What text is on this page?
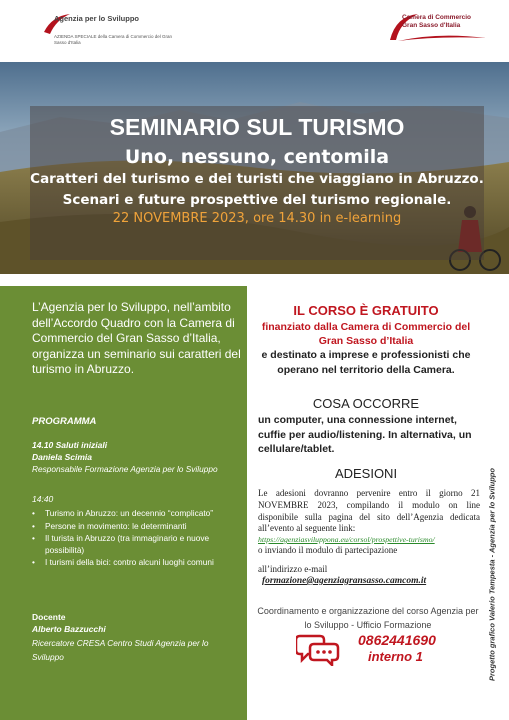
Agenzia per lo Sviluppo
AZIENDA SPECIALE della Camera di Commercio del Gran Sasso d'Italia
Camera di Commercio
Gran Sasso d'Italia
SEMINARIO SUL TURISMO
Uno, nessuno, centomila
Caratteri del turismo e dei turisti che viaggiano in Abruzzo.
Scenari e future prospettive del turismo regionale.
22 NOVEMBRE 2023, ore 14.30 in e-learning
L’Agenzia per lo Sviluppo, nell’ambito dell’Accordo Quadro con la Camera di Commercio del Gran Sasso d’Italia, organizza un seminario sui caratteri del turismo in Abruzzo.
PROGRAMMA
14.10 Saluti iniziali
Daniela Scimia
Responsabile Formazione Agenzia per lo Sviluppo
14:40
• Turismo in Abruzzo: un decennio “complicato”
• Persone in movimento: le determinanti
• Il turista in Abruzzo (tra immaginario e nuove possibilità)
• I turismi della bici: contro alcuni luoghi comuni
Docente
Alberto Bazzucchi
Ricercatore CRESA Centro Studi Agenzia per lo Sviluppo
IL CORSO È GRATUITO
finanziato dalla Camera di Commercio del Gran Sasso d’Italia
e destinato a imprese e professionisti che operano nel territorio della Camera.
COSA OCCORRE
un computer, una connessione internet, cuffie per audio/listening. In alternativa, un cellulare/tablet.
ADESIONI
Le adesioni dovranno pervenire entro il giorno 21 NOVEMBRE 2023, compilando il modulo on line disponibile sulla pagina del sito dell’Agenzia dedicata all’evento al seguente link:
https://agenziasviluppona.eu/corsol/prospettive-turismo/
o inviando il modulo di partecipazione
all’indirizzo e-mail
formazione@agenziagransasso.camcom.it
Coordinamento e organizzazione del corso Agenzia per lo Sviluppo - Ufficio Formazione
0862441690
interno 1	Progetto grafico Valerio Tempesta - Agenzia per lo Sviluppo
